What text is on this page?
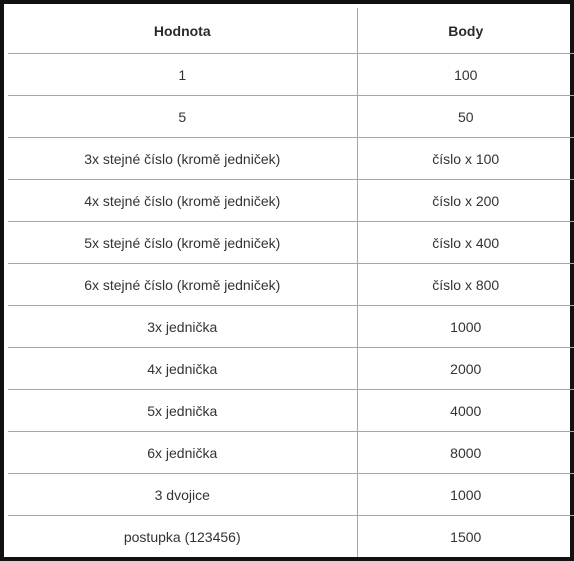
Hodnota	Body
1	100
5	50
3x stejné číslo (kromě jedniček)	číslo x 100
4x stejné číslo (kromě jedniček)	číslo x 200
5x stejné číslo (kromě jedniček)	číslo x 400
6x stejné číslo (kromě jedniček)	číslo x 800
3x jednička	1000
4x jednička	2000
5x jednička	4000
6x jednička	8000
3 dvojice	1000
postupka (123456)	1500
